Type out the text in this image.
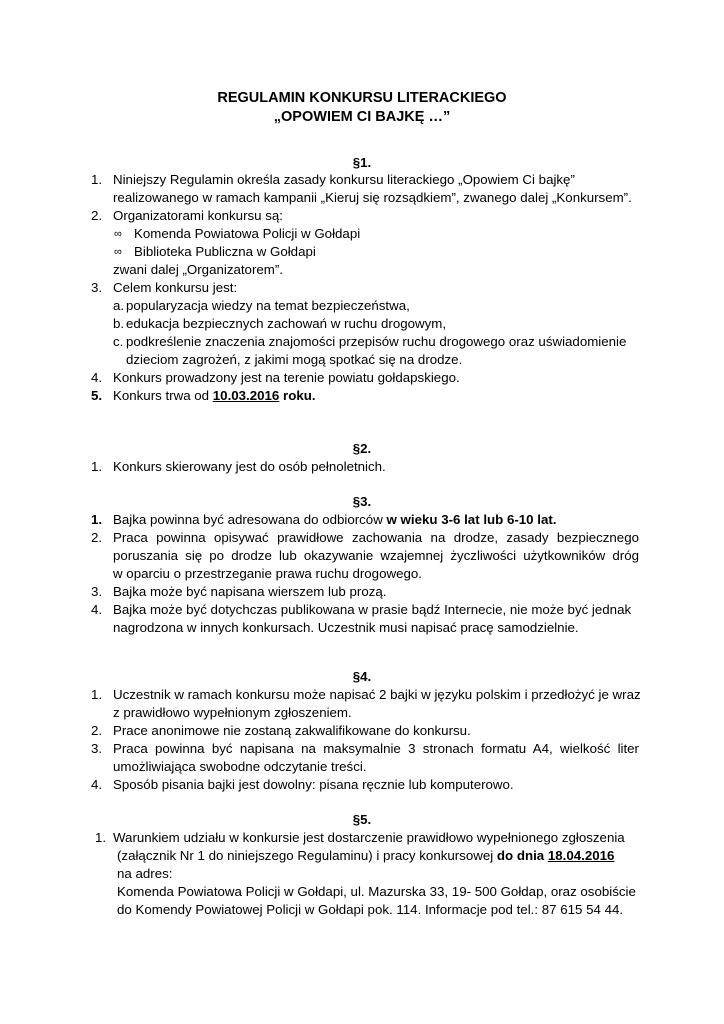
REGULAMIN KONKURSU LITERACKIEGO
„OPOWIEM CI BAJKĘ …”
§1.
1. Niniejszy Regulamin określa zasady konkursu literackiego „Opowiem Ci bajkę”
realizowanego w ramach kampanii „Kieruj się rozsądkiem”, zwanego dalej „Konkursem”.
2. Organizatorami konkursu są:
∞ Komenda Powiatowa Policji w Gołdapi
∞ Biblioteka Publiczna w Gołdapi
zwani dalej „Organizatorem”.
3. Celem konkursu jest:
a. popularyzacja wiedzy na temat bezpieczeństwa,
b. edukacja bezpiecznych zachowań w ruchu drogowym,
c. podkreślenie znaczenia znajomości przepisów ruchu drogowego oraz uświadomienie
dzieciom zagrożeń, z jakimi mogą spotkać się na drodze.
4. Konkurs prowadzony jest na terenie powiatu gołdapskiego.
5. Konkurs trwa od 10.03.2016 roku.
§2.
1. Konkurs skierowany jest do osób pełnoletnich.
§3.
1. Bajka powinna być adresowana do odbiorców w wieku 3-6 lat lub 6-10 lat.
2. Praca powinna opisywać prawidłowe zachowania na drodze, zasady bezpiecznego
poruszania się po drodze lub okazywanie wzajemnej życzliwości użytkowników dróg
w oparciu o przestrzeganie prawa ruchu drogowego.
3. Bajka może być napisana wierszem lub prozą.
4. Bajka może być dotychczas publikowana w prasie bądź Internecie, nie może być jednak
nagrodzona w innych konkursach. Uczestnik musi napisać pracę samodzielnie.
§4.
1. Uczestnik w ramach konkursu może napisać 2 bajki w języku polskim i przedłożyć je wraz
z prawidłowo wypełnionym zgłoszeniem.
2. Prace anonimowe nie zostaną zakwalifikowane do konkursu.
3. Praca powinna być napisana na maksymalnie 3 stronach formatu A4, wielkość liter
umożliwiająca swobodne odczytanie treści.
4. Sposób pisania bajki jest dowolny: pisana ręcznie lub komputerowo.
§5.
1. Warunkiem udziału w konkursie jest dostarczenie prawidłowo wypełnionego zgłoszenia
(załącznik Nr 1 do niniejszego Regulaminu) i pracy konkursowej do dnia 18.04.2016
na adres:
Komenda Powiatowa Policji w Gołdapi, ul. Mazurska 33, 19- 500 Gołdap, oraz osobiście
do Komendy Powiatowej Policji w Gołdapi pok. 114. Informacje pod tel.: 87 615 54 44.
